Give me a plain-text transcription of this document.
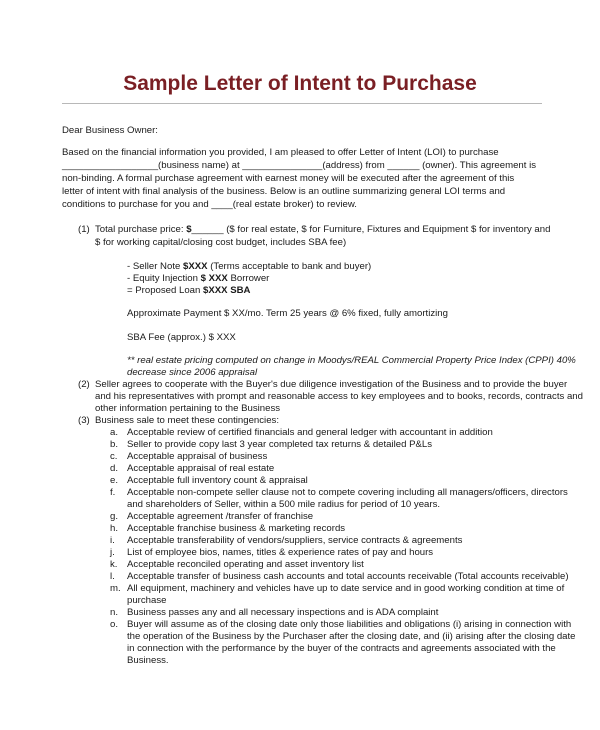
Sample Letter of Intent to Purchase
Dear Business Owner:
Based on the financial information you provided, I am pleased to offer Letter of Intent (LOI) to purchase
__________________(business name) at _______________(address) from ______ (owner). This agreement is
non-binding. A formal purchase agreement with earnest money will be executed after the agreement of this
letter of intent with final analysis of the business. Below is an outline summarizing general LOI terms and
conditions to purchase for you and ____(real estate broker) to review.
(1) Total purchase price: $______ ($ for real estate, $ for Furniture, Fixtures and Equipment $ for inventory and
$ for working capital/closing cost budget, includes SBA fee)
- Seller Note $XXX (Terms acceptable to bank and buyer)
- Equity Injection $ XXX Borrower
= Proposed Loan $XXX SBA
Approximate Payment $ XX/mo. Term 25 years @ 6% fixed, fully amortizing
SBA Fee (approx.) $ XXX
** real estate pricing computed on change in Moodys/REAL Commercial Property Price Index (CPPI) 40%
decrease since 2006 appraisal
(2) Seller agrees to cooperate with the Buyer's due diligence investigation of the Business and to provide the buyer
and his representatives with prompt and reasonable access to key employees and to books, records, contracts and
other information pertaining to the Business
(3) Business sale to meet these contingencies:
a. Acceptable review of certified financials and general ledger with accountant in addition
b. Seller to provide copy last 3 year completed tax returns & detailed P&Ls
c. Acceptable appraisal of business
d. Acceptable appraisal of real estate
e. Acceptable full inventory count & appraisal
f. Acceptable non-compete seller clause not to compete covering including all managers/officers, directors
and shareholders of Seller, within a 500 mile radius for period of 10 years.
g. Acceptable agreement /transfer of franchise
h. Acceptable franchise business & marketing records
i. Acceptable transferability of vendors/suppliers, service contracts & agreements
j. List of employee bios, names, titles & experience rates of pay and hours
k. Acceptable reconciled operating and asset inventory list
l. Acceptable transfer of business cash accounts and total accounts receivable (Total accounts receivable)
m. All equipment, machinery and vehicles have up to date service and in good working condition at time of
purchase
n. Business passes any and all necessary inspections and is ADA complaint
o. Buyer will assume as of the closing date only those liabilities and obligations (i) arising in connection with
the operation of the Business by the Purchaser after the closing date, and (ii) arising after the closing date
in connection with the performance by the buyer of the contracts and agreements associated with the
Business.
